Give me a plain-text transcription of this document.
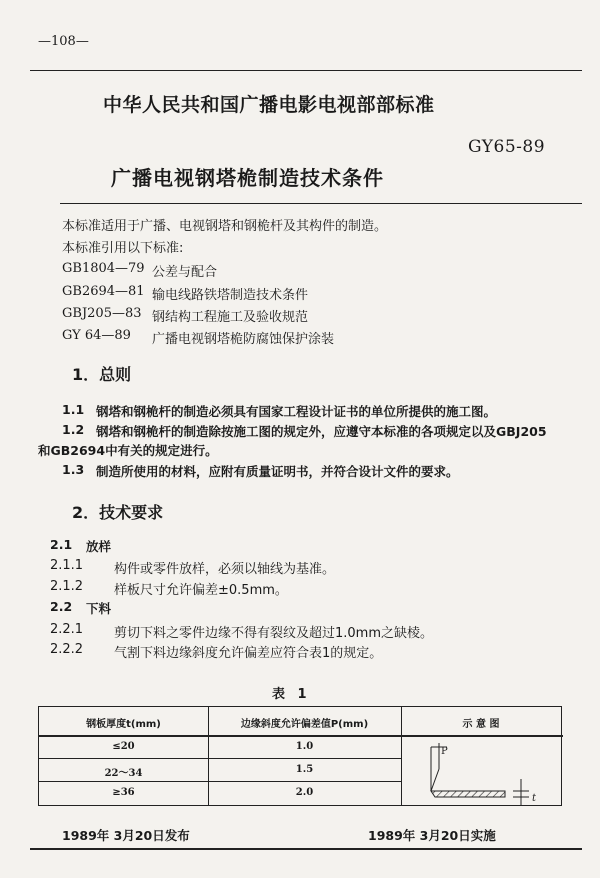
—108—
中华人民共和国广播电影电视部部标准
GY65-89
广播电视钢塔桅制造技术条件
本标准适用于广播、电视钢塔和钢桅杆及其构件的制造。
本标准引用以下标准:
GB1804—79 公差与配合
GB2694—81 输电线路铁塔制造技术条件
GBJ205—83 钢结构工程施工及验收规范
GY 64—89 广播电视钢塔桅防腐蚀保护涂装
1．总则
1.1 钢塔和钢桅杆的制造必须具有国家工程设计证书的单位所提供的施工图。
1.2 钢塔和钢桅杆的制造除按施工图的规定外，应遵守本标准的各项规定以及GBJ205
和GB2694中有关的规定进行。
1.3 制造所使用的材料，应附有质量证明书，并符合设计文件的要求。
2．技术要求
2.1 放样
2.1.1 构件或零件放样，必须以轴线为基准。
2.1.2 样板尺寸允许偏差±0.5mm。
2.2 下料
2.2.1 剪切下料之零件边缘不得有裂纹及超过1.0mm之缺棱。
2.2.2 气割下料边缘斜度允许偏差应符合表1的规定。
表 1
钢板厚度t(mm)	边缘斜度允许偏差值P(mm)	示 意 图
≤20	1.0
22～34	1.5
≥36	2.0
P
t
1989年 3月20日发布	1989年 3月20日实施
